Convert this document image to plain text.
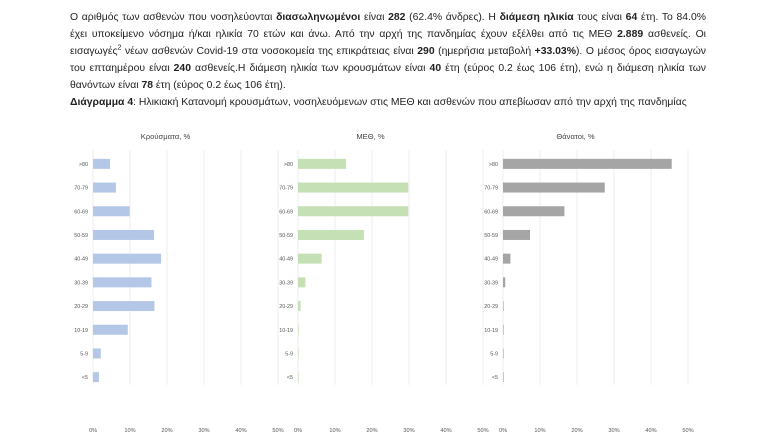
Ο αριθμός των ασθενών που νοσηλεύονται διασωληνωμένοι είναι 282 (62.4% άνδρες). Η διάμεση ηλικία τους είναι 64 έτη. Το 84.0% έχει υποκείμενο νόσημα ή/και ηλικία 70 ετών και άνω. Από την αρχή της πανδημίας έχουν εξέλθει από τις ΜΕΘ 2.889 ασθενείς. Οι εισαγωγές$^2$ νέων ασθενών Covid-19 στα νοσοκομεία της επικράτειας είναι 290 (ημερήσια μεταβολή +33.03%). Ο μέσος όρος εισαγωγών του επταημέρου είναι 240 ασθενείς.Η διάμεση ηλικία των κρουσμάτων είναι 40 έτη (εύρος 0.2 έως 106 έτη), ενώ η διάμεση ηλικία των θανόντων είναι 78 έτη (εύρος 0.2 έως 106 έτη).
Διάγραμμα 4: Ηλικιακή Κατανομή κρουσμάτων, νοσηλευόμενων στις ΜΕΘ και ασθενών που απεβίωσαν από την αρχή της πανδημίας
Κρούσματα, %
0%	10%	20%	30%	40%	50%
>80
70-79
60-69
50-59
40-49
30-39
20-29
10-19
5-9
<5
ΜΕΘ, %
0%	10%	20%	30%	40%	50%
>80
70-79
60-69
50-59
40-49
30-39
20-29
10-19
5-9
<5
Θάνατοι, %
0%	10%	20%	30%	40%	50%
>80
70-79
60-69
50-59
40-49
30-39
20-29
10-19
5-9
<5
